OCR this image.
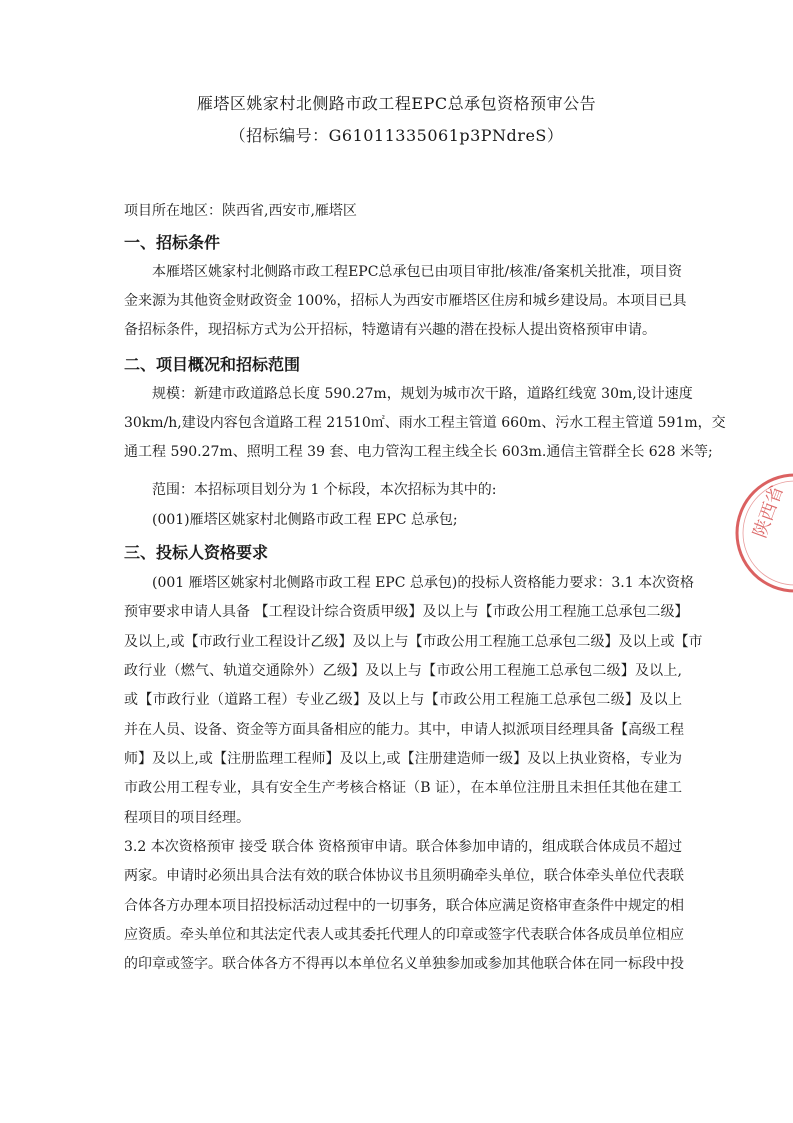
雁塔区姚家村北侧路市政工程EPC总承包资格预审公告
（招标编号：G61011335061p3PNdreS）
项目所在地区：陕西省,西安市,雁塔区
一、招标条件
本雁塔区姚家村北侧路市政工程EPC总承包已由项目审批/核准/备案机关批准，项目资
金来源为其他资金财政资金 100%，招标人为西安市雁塔区住房和城乡建设局。本项目已具
备招标条件，现招标方式为公开招标，特邀请有兴趣的潜在投标人提出资格预审申请。
二、项目概况和招标范围
规模：新建市政道路总长度 590.27m，规划为城市次干路，道路红线宽 30m,设计速度
30km/h,建设内容包含道路工程 21510㎡、雨水工程主管道 660m、污水工程主管道 591m，交
通工程 590.27m、照明工程 39 套、电力管沟工程主线全长 603m.通信主管群全长 628 米等;
范围：本招标项目划分为 1 个标段，本次招标为其中的:
(001)雁塔区姚家村北侧路市政工程 EPC 总承包;
三、投标人资格要求
(001 雁塔区姚家村北侧路市政工程 EPC 总承包)的投标人资格能力要求：3.1 本次资格
预审要求申请人具备 【工程设计综合资质甲级】及以上与【市政公用工程施工总承包二级】
及以上,或【市政行业工程设计乙级】及以上与【市政公用工程施工总承包二级】及以上或【市
政行业（燃气、轨道交通除外）乙级】及以上与【市政公用工程施工总承包二级】及以上,
或【市政行业（道路工程）专业乙级】及以上与【市政公用工程施工总承包二级】及以上
并在人员、设备、资金等方面具备相应的能力。其中，申请人拟派项目经理具备【高级工程
师】及以上,或【注册监理工程师】及以上,或【注册建造师一级】及以上执业资格，专业为
市政公用工程专业，具有安全生产考核合格证（B 证），在本单位注册且未担任其他在建工
程项目的项目经理。
3.2 本次资格预审 接受 联合体 资格预审申请。联合体参加申请的，组成联合体成员不超过
两家。申请时必须出具合法有效的联合体协议书且须明确牵头单位，联合体牵头单位代表联
合体各方办理本项目招投标活动过程中的一切事务，联合体应满足资格审查条件中规定的相
应资质。牵头单位和其法定代表人或其委托代理人的印章或签字代表联合体各成员单位相应
的印章或签字。联合体各方不得再以本单位名义单独参加或参加其他联合体在同一标段中投
陕西省
